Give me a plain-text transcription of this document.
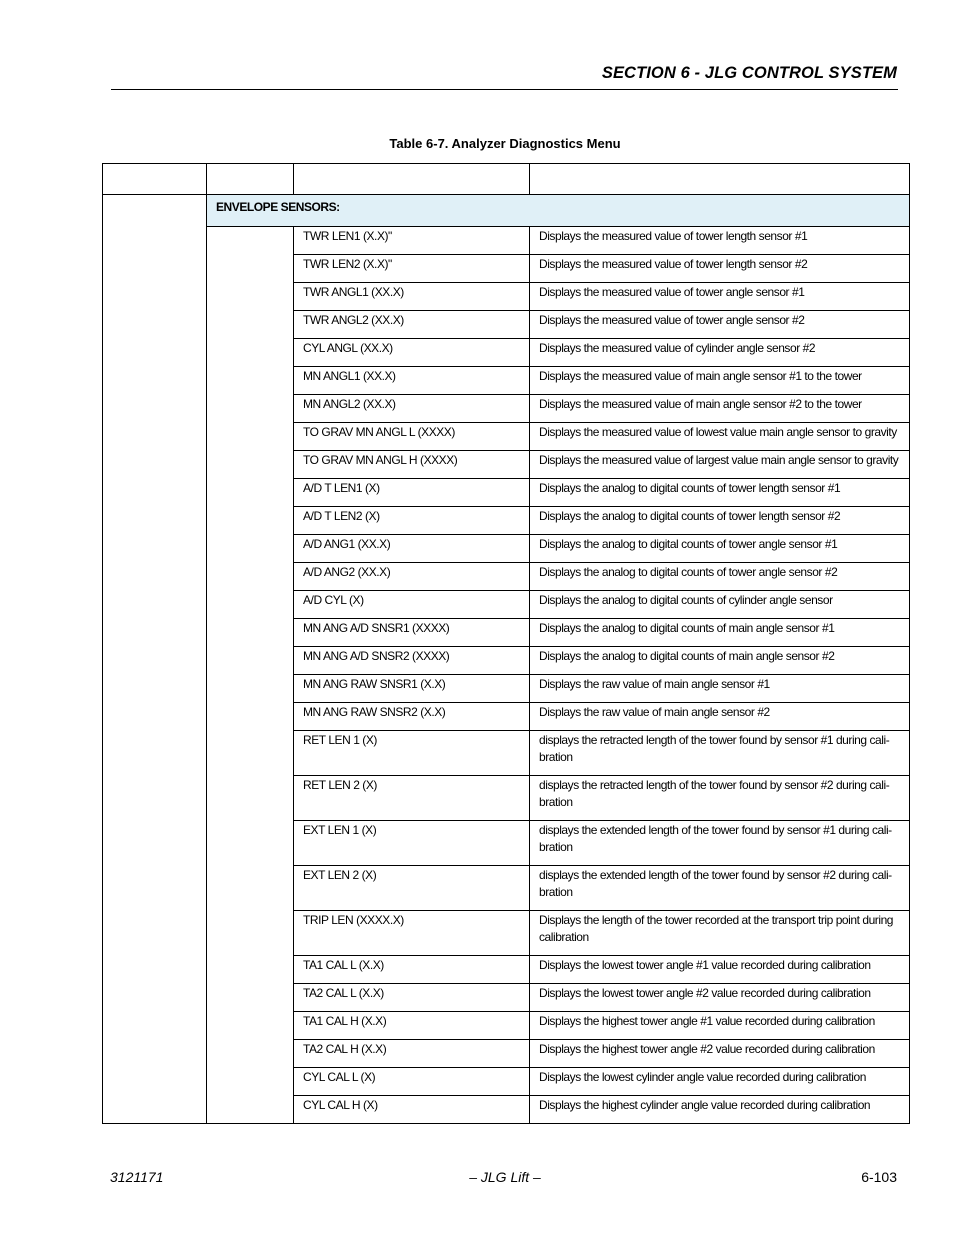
SECTION 6 - JLG CONTROL SYSTEM
Table 6-7. Analyzer Diagnostics Menu

	ENVELOPE SENSORS:		
		TWR LEN1 (X.X)"	Displays the measured value of tower length sensor #1
		TWR LEN2 (X.X)"	Displays the measured value of tower length sensor #2
		TWR ANGL1 (XX.X)	Displays the measured value of tower angle sensor #1
		TWR ANGL2 (XX.X)	Displays the measured value of tower angle sensor #2
		CYL ANGL (XX.X)	Displays the measured value of cylinder angle sensor #2
		MN ANGL1 (XX.X)	Displays the measured value of main angle sensor #1 to the tower
		MN ANGL2 (XX.X)	Displays the measured value of main angle sensor #2 to the tower
		TO GRAV MN ANGL L (XXXX)	Displays the measured value of lowest value main angle sensor to gravity
		TO GRAV MN ANGL H (XXXX)	Displays the measured value of largest value main angle sensor to gravity
		A/D T LEN1 (X)	Displays the analog to digital counts of tower length sensor #1
		A/D T LEN2 (X)	Displays the analog to digital counts of tower length sensor #2
		A/D ANG1 (XX.X)	Displays the analog to digital counts of tower angle sensor #1
		A/D ANG2 (XX.X)	Displays the analog to digital counts of tower angle sensor #2
		A/D CYL (X)	Displays the analog to digital counts of cylinder angle sensor
		MN ANG A/D SNSR1 (XXXX)	Displays the analog to digital counts of main angle sensor #1
		MN ANG A/D SNSR2 (XXXX)	Displays the analog to digital counts of main angle sensor #2
		MN ANG RAW SNSR1 (X.X)	Displays the raw value of main angle sensor #1
		MN ANG RAW SNSR2 (X.X)	Displays the raw value of main angle sensor #2
		RET LEN 1 (X)	displays the retracted length of the tower found by sensor #1 during cali-bration
		RET LEN 2 (X)	displays the retracted length of the tower found by sensor #2 during cali-bration
		EXT LEN 1 (X)	displays the extended length of the tower found by sensor #1 during cali-bration
		EXT LEN 2 (X)	displays the extended length of the tower found by sensor #2 during cali-bration
		TRIP LEN (XXXX.X)	Displays the length of the tower recorded at the transport trip point during calibration
		TA1 CAL L (X.X)	Displays the lowest tower angle #1 value recorded during calibration
		TA2 CAL L (X.X)	Displays the lowest tower angle #2 value recorded during calibration
		TA1 CAL H (X.X)	Displays the highest tower angle #1 value recorded during calibration
		TA2 CAL H (X.X)	Displays the highest tower angle #2 value recorded during calibration
		CYL CAL L (X)	Displays the lowest cylinder angle value recorded during calibration
		CYL CAL H (X)	Displays the highest cylinder angle value recorded during calibration
3121171	– JLG Lift –	6-103
